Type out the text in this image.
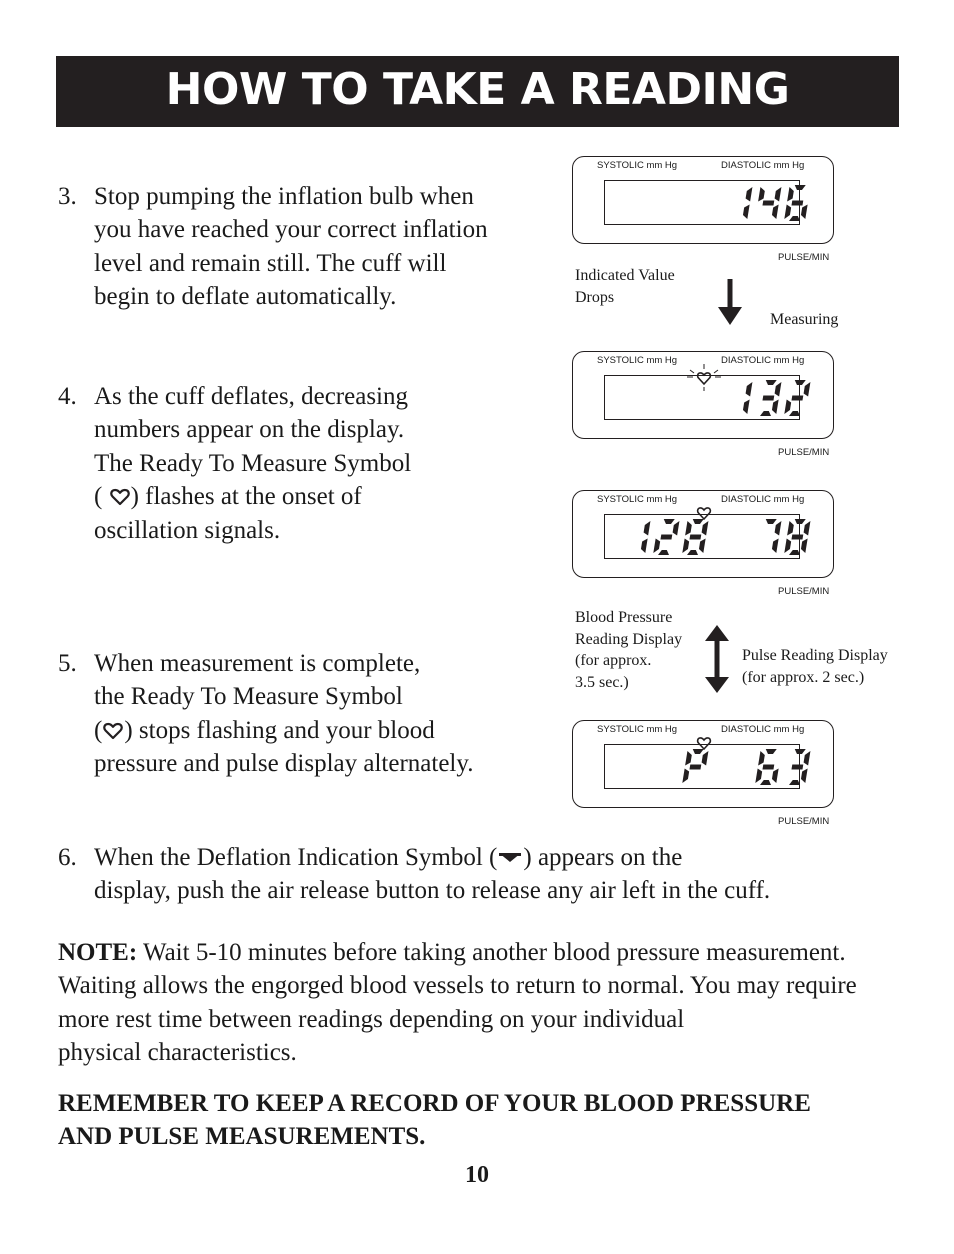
HOW TO TAKE A READING
3. Stop pumping the inflation bulb when
you have reached your correct inflation
level and remain still. The cuff will
begin to deflate automatically.
4. As the cuff deflates, decreasing
numbers appear on the display.
The Ready To Measure Symbol
( ) flashes at the onset of
oscillation signals.
5. When measurement is complete,
the Ready To Measure Symbol
( ) stops flashing and your blood
pressure and pulse display alternately.
6. When the Deflation Indication Symbol ( ) appears on the
display, push the air release button to release any air left in the cuff.
SYSTOLIC mm Hg	DIASTOLIC mm Hg
PULSE/MIN
Indicated Value
Drops
Measuring
SYSTOLIC mm Hg	DIASTOLIC mm Hg
PULSE/MIN
SYSTOLIC mm Hg	DIASTOLIC mm Hg
PULSE/MIN
Blood Pressure
Reading Display
(for approx.
3.5 sec.)
Pulse Reading Display
(for approx. 2 sec.)
SYSTOLIC mm Hg	DIASTOLIC mm Hg
PULSE/MIN
NOTE: Wait 5-10 minutes before taking another blood pressure measurement.
Waiting allows the engorged blood vessels to return to normal. You may require
more rest time between readings depending on your individual
physical characteristics.
REMEMBER TO KEEP A RECORD OF YOUR BLOOD PRESSURE
AND PULSE MEASUREMENTS.
10
